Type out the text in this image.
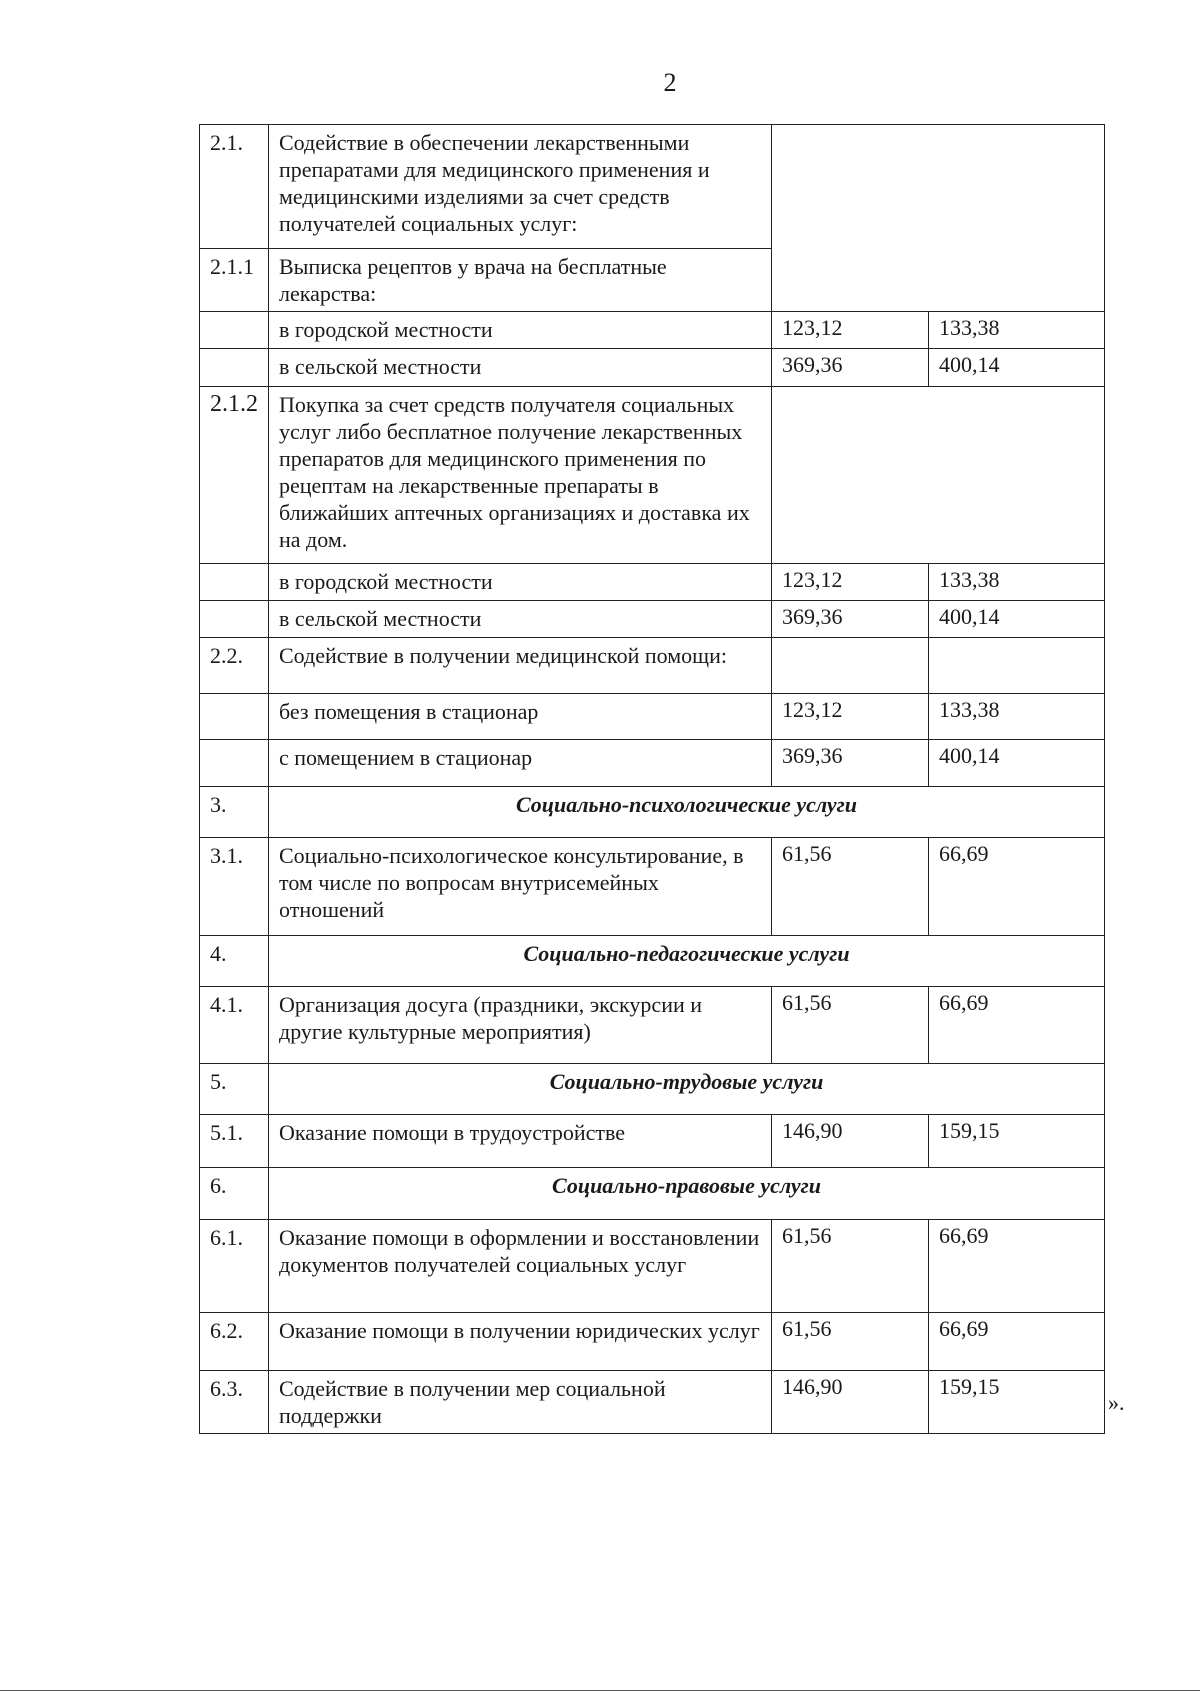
2
2.1.	Содействие в обеспечении лекарственными препаратами для медицинского применения и медицинскими изделиями за счет средств получателей социальных услуг:		
2.1.1	Выписка рецептов у врача на бесплатные лекарства:		
	в городской местности	123,12	133,38
	в сельской местности	369,36	400,14
2.1.2	Покупка за счет средств получателя социальных услуг либо бесплатное получение лекарственных препаратов для медицинского применения по рецептам на лекарственные препараты в ближайших аптечных организациях и доставка их на дом.		
	в городской местности	123,12	133,38
	в сельской местности	369,36	400,14
2.2.	Содействие в получении медицинской помощи:		
	без помещения в стационар	123,12	133,38
	с помещением в стационар	369,36	400,14
3.	Социально-психологические услуги		
3.1.	Социально-психологическое консультирование, в том числе по вопросам внутрисемейных отношений	61,56	66,69
4.	Социально-педагогические услуги		
4.1.	Организация досуга (праздники, экскурсии и другие культурные мероприятия)	61,56	66,69
5.	Социально-трудовые услуги		
5.1.	Оказание помощи в трудоустройстве	146,90	159,15
6.	Социально-правовые услуги		
6.1.	Оказание помощи в оформлении и восстановлении документов получателей социальных услуг	61,56	66,69
6.2.	Оказание помощи в получении юридических услуг	61,56	66,69
6.3.	Содействие в получении мер социальной поддержки	146,90	159,15
».
